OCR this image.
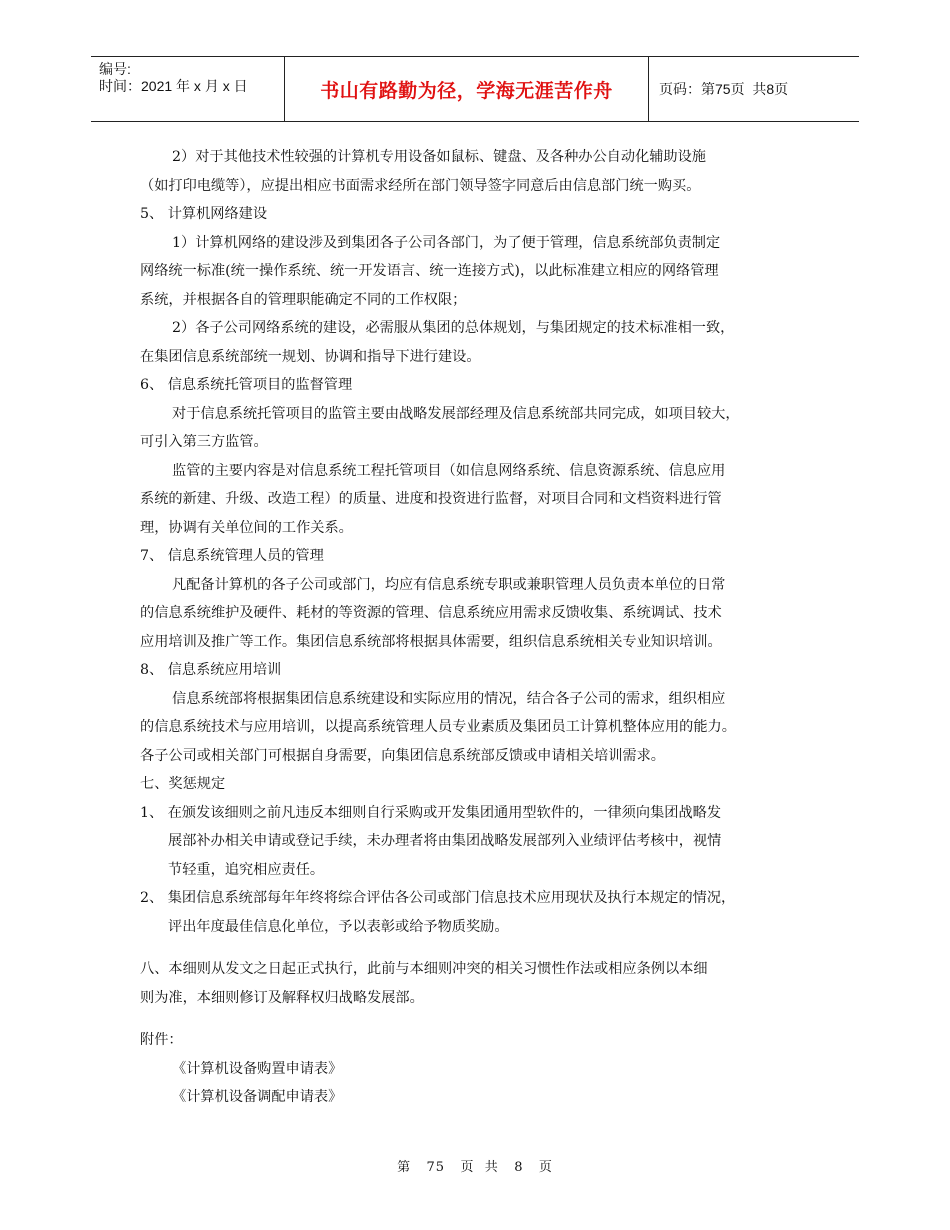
编号:
时间：2021 年 x 月 x 日	书山有路勤为径，学海无涯苦作舟	页码：第 75 页  共 8 页
2）对于其他技术性较强的计算机专用设备如鼠标、键盘、及各种办公自动化辅助设施
（如打印电缆等），应提出相应书面需求经所在部门领导签字同意后由信息部门统一购买。
5、 计算机网络建设
1）计算机网络的建设涉及到集团各子公司各部门，为了便于管理，信息系统部负责制定
网络统一标准(统一操作系统、统一开发语言、统一连接方式)，以此标准建立相应的网络管理
系统，并根据各自的管理职能确定不同的工作权限；
2）各子公司网络系统的建设，必需服从集团的总体规划，与集团规定的技术标准相一致，
在集团信息系统部统一规划、协调和指导下进行建设。
6、 信息系统托管项目的监督管理
对于信息系统托管项目的监管主要由战略发展部经理及信息系统部共同完成，如项目较大，
可引入第三方监管。
监管的主要内容是对信息系统工程托管项目（如信息网络系统、信息资源系统、信息应用
系统的新建、升级、改造工程）的质量、进度和投资进行监督，对项目合同和文档资料进行管
理，协调有关单位间的工作关系。
7、 信息系统管理人员的管理
凡配备计算机的各子公司或部门，均应有信息系统专职或兼职管理人员负责本单位的日常
的信息系统维护及硬件、耗材的等资源的管理、信息系统应用需求反馈收集、系统调试、技术
应用培训及推广等工作。集团信息系统部将根据具体需要，组织信息系统相关专业知识培训。
8、 信息系统应用培训
信息系统部将根据集团信息系统建设和实际应用的情况，结合各子公司的需求，组织相应
的信息系统技术与应用培训，以提高系统管理人员专业素质及集团员工计算机整体应用的能力。
各子公司或相关部门可根据自身需要，向集团信息系统部反馈或申请相关培训需求。
七、奖惩规定
1、 在颁发该细则之前凡违反本细则自行采购或开发集团通用型软件的，一律须向集团战略发
展部补办相关申请或登记手续，未办理者将由集团战略发展部列入业绩评估考核中，视情
节轻重，追究相应责任。
2、 集团信息系统部每年年终将综合评估各公司或部门信息技术应用现状及执行本规定的情况，
评出年度最佳信息化单位，予以表彰或给予物质奖励。
八、本细则从发文之日起正式执行，此前与本细则冲突的相关习惯性作法或相应条例以本细
则为准，本细则修订及解释权归战略发展部。
附件：
《计算机设备购置申请表》
《计算机设备调配申请表》
第 75 页  共 8 页
